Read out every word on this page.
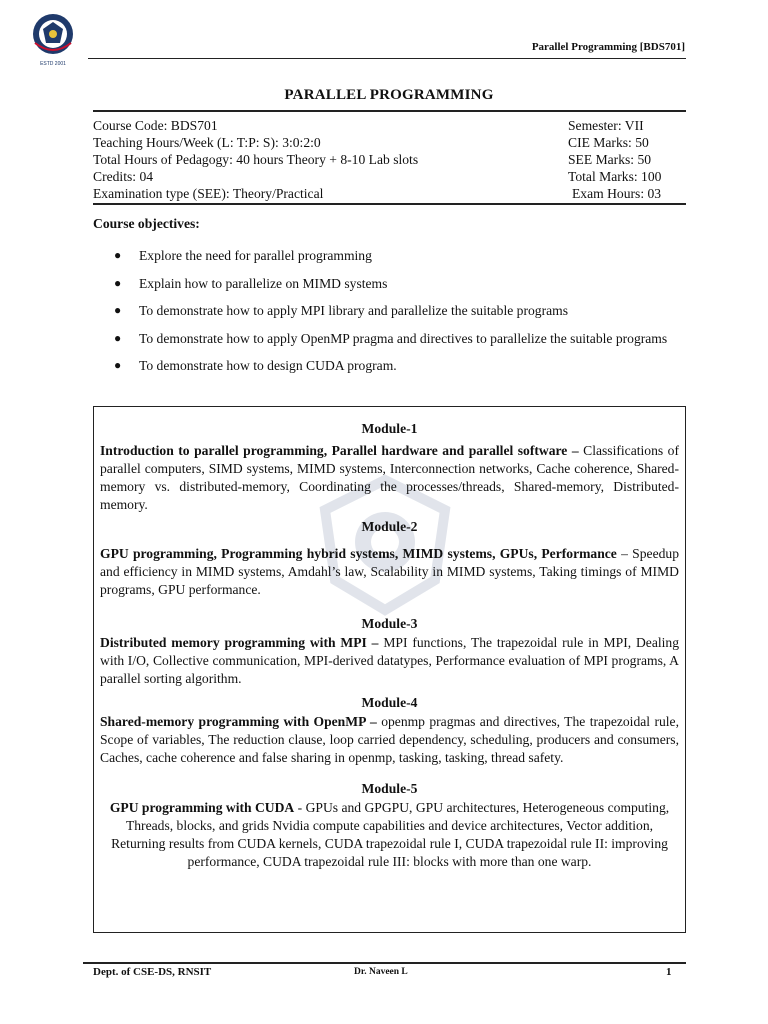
ESTD 2001
Parallel Programming [BDS701]
PARALLEL PROGRAMMING
Course Code: BDS701	Semester: VII
Teaching Hours/Week (L: T:P: S): 3:0:2:0	CIE Marks: 50
Total Hours of Pedagogy: 40 hours Theory + 8-10 Lab slots	SEE Marks: 50
Credits: 04	Total Marks: 100
Examination type (SEE): Theory/Practical	Exam Hours: 03
Course objectives:
● Explore the need for parallel programming
● Explain how to parallelize on MIMD systems
● To demonstrate how to apply MPI library and parallelize the suitable programs
● To demonstrate how to apply OpenMP pragma and directives to parallelize the suitable programs
● To demonstrate how to design CUDA program.

Module-1

Introduction to parallel programming, Parallel hardware and parallel software – Classifications of parallel computers, SIMD systems, MIMD systems, Interconnection networks, Cache coherence, Shared-memory vs. distributed-memory, Coordinating the processes/threads, Shared-memory, Distributed-memory.

Module-2

GPU programming, Programming hybrid systems, MIMD systems, GPUs, Performance – Speedup and efficiency in MIMD systems, Amdahl’s law, Scalability in MIMD systems, Taking timings of MIMD programs, GPU performance.

Module-3

Distributed memory programming with MPI – MPI functions, The trapezoidal rule in MPI, Dealing with I/O, Collective communication, MPI-derived datatypes, Performance evaluation of MPI programs, A parallel sorting algorithm.

Module-4

Shared-memory programming with OpenMP – openmp pragmas and directives, The trapezoidal rule, Scope of variables, The reduction clause, loop carried dependency, scheduling, producers and consumers, Caches, cache coherence and false sharing in openmp, tasking, tasking, thread safety.

Module-5

GPU programming with CUDA - GPUs and GPGPU, GPU architectures, Heterogeneous computing, Threads, blocks, and grids Nvidia compute capabilities and device architectures, Vector addition, Returning results from CUDA kernels, CUDA trapezoidal rule I, CUDA trapezoidal rule II: improving performance, CUDA trapezoidal rule III: blocks with more than one warp.

Dept. of CSE-DS, RNSIT	Dr. Naveen L	1
